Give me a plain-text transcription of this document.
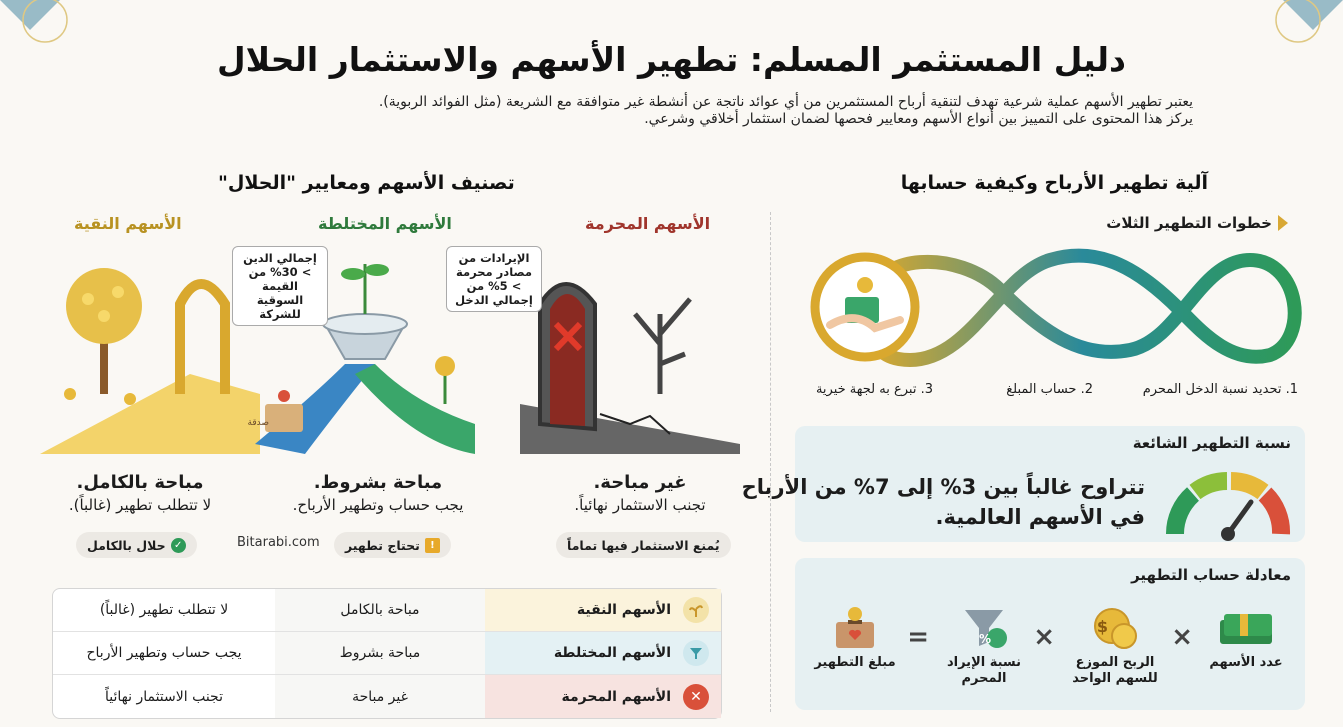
دليل المستثمر المسلم: تطهير الأسهم والاستثمار الحلال
يعتبر تطهير الأسهم عملية شرعية تهدف لتنقية أرباح المستثمرين من أي عوائد ناتجة عن أنشطة غير متوافقة مع الشريعة (مثل الفوائد الربوية).
يركز هذا المحتوى على التمييز بين أنواع الأسهم ومعايير فحصها لضمان استثمار أخلاقي وشرعي.
آلية تطهير الأرباح وكيفية حسابها
خطوات التطهير الثلاث
1. تحديد نسبة الدخل المحرم
2. حساب المبلغ
3. تبرع به لجهة خيرية
نسبة التطهير الشائعة
تتراوح غالباً بين 3% إلى 7% من الأرباح
في الأسهم العالمية.
معادلة حساب التطهير
عدد الأسهم
×
$
الربح الموزع للسهم الواحد
×
%
نسبة الإيراد المحرم
=
مبلغ التطهير
تصنيف الأسهم ومعايير "الحلال"
الأسهم النقية	الأسهم المختلطة	الأسهم المحرمة
صدقة
إجمالي الدين > 30% من القيمة السوقية للشركة
الإيرادات من مصادر محرمة > 5% من إجمالي الدخل
مباحة بالكامل.
لا تتطلب تطهير (غالباً).
مباحة بشروط.
يجب حساب وتطهير الأرباح.
غير مباحة.
تجنب الاستثمار نهائياً.
✓
حلال بالكامل	Bitarabi.com	!
تحتاج تطهير	يُمنع الاستثمار فيها تماماً
الأسهم النقية	مباحة بالكامل	لا تتطلب تطهير (غالباً)

الأسهم المختلطة	مباحة بشروط	يجب حساب وتطهير الأرباح
✕الأسهم المحرمة	غير مباحة	تجنب الاستثمار نهائياً
